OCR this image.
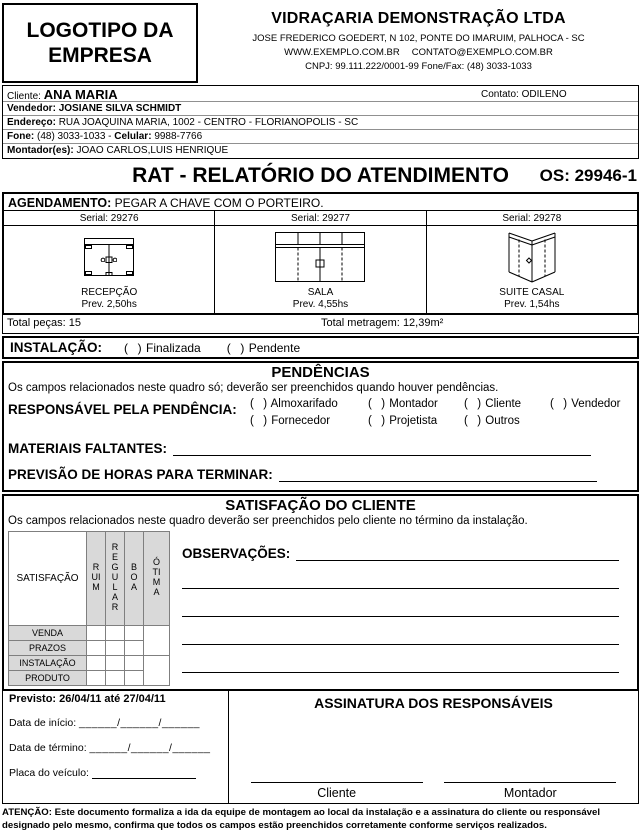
LOGOTIPO DA EMPRESA
VIDRAÇARIA DEMONSTRAÇÃO LTDA
JOSE FREDERICO GOEDERT, N 102, PONTE DO IMARUIM, PALHOCA - SC
WWW.EXEMPLO.COM.BR CONTATO@EXEMPLO.COM.BR
CNPJ: 99.111.222/0001-99 Fone/Fax: (48) 3033-1033
Cliente: ANA MARIA	Contato: ODILENO
Vendedor: JOSIANE SILVA SCHMIDT
Endereço: RUA JOAQUINA MARIA, 1002 - CENTRO - FLORIANOPOLIS - SC
Fone: (48) 3033-1033 - Celular: 9988-7766
Montador(es): JOAO CARLOS,LUIS HENRIQUE
RAT - RELATÓRIO DO ATENDIMENTO	OS: 29946-1
AGENDAMENTO: PEGAR A CHAVE COM O PORTEIRO.
Serial: 29276
RECEPÇÃO
Prev. 2,50hs
Serial: 29277
SALA
Prev. 4,55hs
Serial: 29278
SUITE CASAL
Prev. 1,54hs
Total peças: 15	Total metragem: 12,39m²
INSTALAÇÃO: (  ) Finalizada (  ) Pendente
PENDÊNCIAS
Os campos relacionados neste quadro só; deverão ser preenchidos quando houver pendências.
RESPONSÁVEL PELA PENDÊNCIA:	(  ) Almoxarifado	(  ) Montador	(  ) Cliente	(  ) Vendedor
(  ) Fornecedor	(  ) Projetista	(  ) Outros
MATERIAIS FALTANTES:
PREVISÃO DE HORAS PARA TERMINAR:
SATISFAÇÃO DO CLIENTE
Os campos relacionados neste quadro deverão ser preenchidos pelo cliente no término da instalação.
SATISFAÇÃO	RUIM	REGULAR	BOA	ÓTIMA
VENDA				
PRAZOS				
INSTALAÇÃO				
PRODUTO				
OBSERVAÇÕES:
Previsto: 26/04/11 até 27/04/11
Data de início: ______/______/______
Data de término: ______/______/______
Placa do veículo:
ASSINATURA DOS RESPONSÁVEIS
Cliente	Montador
ATENÇÃO: Este documento formaliza a ida da equipe de montagem ao local da instalação e a assinatura do cliente ou responsável designado pelo mesmo, confirma que todos os campos estão preenchidos corretamente conforme serviços realizados.
